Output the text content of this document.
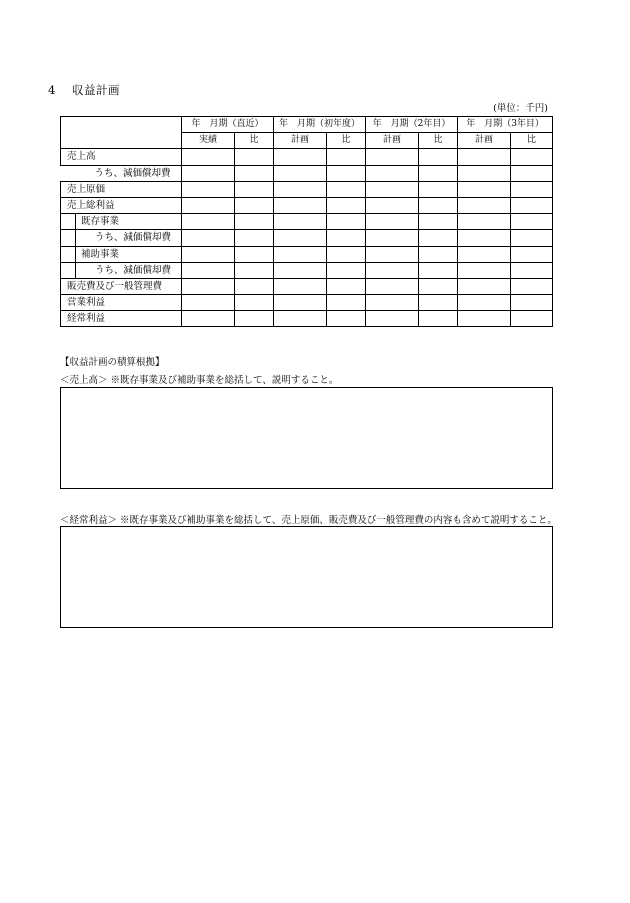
4 収益計画
(単位：千円)
	年　月期（直近）		年　月期（初年度）		年　月期（2年目）		年　月期（3年目）	
	実績	比	計画	比	計画	比	計画	比
売上高								
うち、減価償却費								
売上原価								
売上総利益								
既存事業								
うち、減価償却費								
補助事業								
うち、減価償却費								
販売費及び一般管理費								
営業利益								
経常利益								
【収益計画の積算根拠】
＜売上高＞ ※既存事業及び補助事業を総括して、説明すること。
＜経常利益＞ ※既存事業及び補助事業を総括して、売上原価、販売費及び一般管理費の内容も含めて説明すること。
